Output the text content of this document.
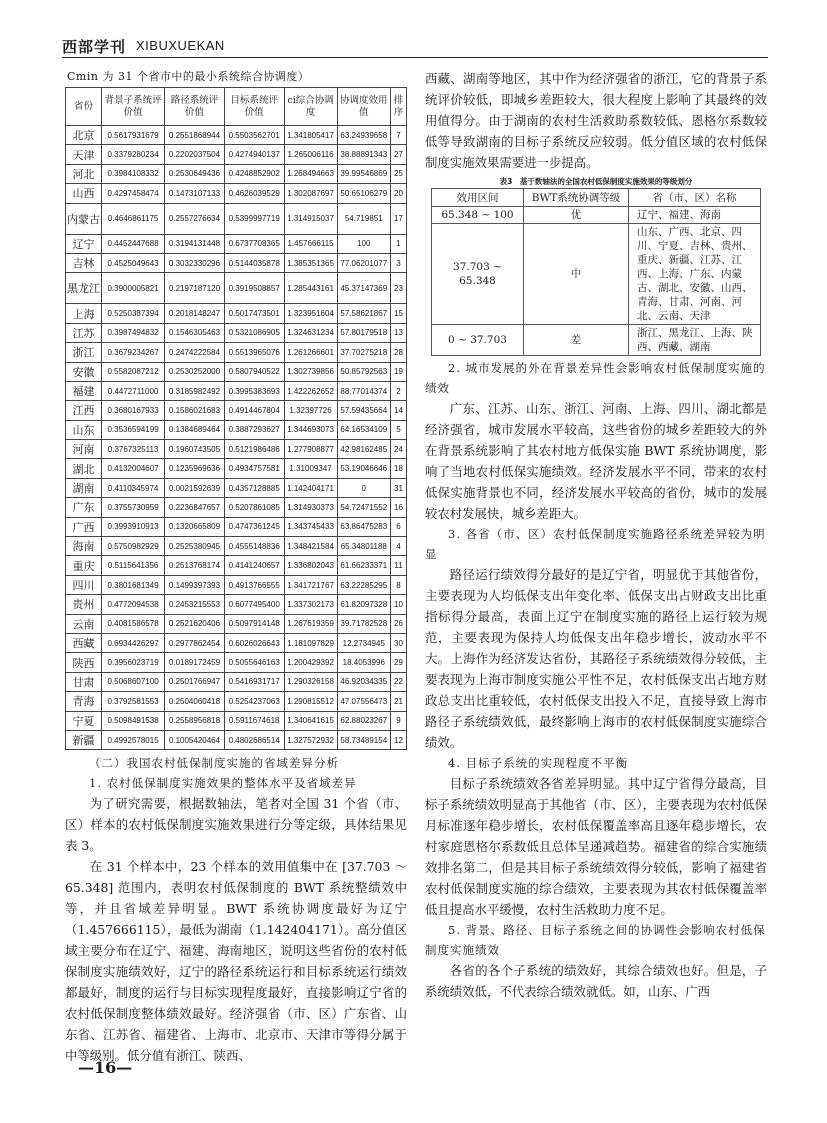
西部学刊 XIBUXUEKAN
Cmin 为 31 个省市中的最小系统综合协调度）
省份	背景子系统评价值	路径系统评价值	目标系统评价值	ci综合协调度	协调度效用值	排序
北京	0.5617931679	0.2551868944	0.5503562701	1.341805417	63.24939658	7
天津	0.3379280234	0.2202037504	0.4274940137	1.265006116	38.88891343	27
河北	0.3984108332	0.2530649436	0.4248852902	1.268494663	39.99546869	25
山西	0.4297458474	0.1473107133	0.4626039529	1.302087697	50.65106279	20
内蒙古	0.4646861175	0.2557276634	0.5399997719	1.314915037	54.719851	17
辽宁	0.4452447688	0.3194131448	0.6737708365	1.457666115	100	1
吉林	0.4525049643	0.3032330296	0.5144035878	1.385351365	77.06201077	3
黑龙江	0.3900005821	0.2197187120	0.3919508857	1.285443161	45.37147369	23
上海	0.5250387394	0.2018148247	0.5017473501	1.323951604	57.58621867	15
江苏	0.3987494832	0.1546305463	0.5321086905	1.324631234	57.80179518	13
浙江	0.3679234267	0.2474222584	0.5513965076	1.261266601	37.70275218	28
安徽	0.5582087212	0.2530252000	0.5807940522	1.302739856	50.85792563	19
福建	0.4472711000	0.3185982492	0.3995383693	1.422262652	88.77014374	2
江西	0.3680167933	0.1586021683	0.4914467804	1.32397726	57.59435664	14
山东	0.3536594199	0.1384689464	0.3887293627	1.344693073	64.16534109	5
河南	0.3767325113	0.1960743505	0.5121986486	1.277908877	42.98162485	24
湖北	0.4132004607	0.1235969636	0.4934757581	1.31009347	53.19046646	18
湖南	0.4110345974	0.0021592639	0.4357128885	1.142404171	0	31
广东	0.3755730959	0.2236847657	0.5207861085	1.314930373	54.72471552	16
广西	0.3993910913	0.1320665809	0.4747361245	1.343745433	63.86475283	6
海南	0.5750982929	0.2525380945	0.4555148836	1.348421584	65.34801188	4
重庆	0.5115641356	0.2513768174	0.4141240657	1.336802043	61.66233371	11
四川	0.3801681349	0.1499397393	0.4913766555	1.341721767	63.22285295	8
贵州	0.4772094538	0.2453215553	0.6077495400	1.337302173	61.82097328	10
云南	0.4081586578	0.2521620406	0.5097914148	1.267619359	39.71782528	26
西藏	0.6934426297	0.2977862454	0.6026026643	1.181097829	12.2734945	30
陕西	0.3956023719	0.0189172459	0.5055646163	1.200429392	18.4053996	29
甘肃	0.5068607100	0.2501766947	0.5416931717	1.290326158	46.92034335	22
青海	0.3792581553	0.2504060418	0.5254237063	1.290815512	47.07556473	21
宁夏	0.5098491538	0.2558956818	0.5911674618	1.340641615	62.88023267	9
新疆	0.4992578015	0.1005420464	0.4802686514	1.327572932	58.73489154	12
（二）我国农村低保制度实施的省域差异分析
1. 农村低保制度实施效果的整体水平及省域差异

为了研究需要，根据数轴法，笔者对全国 31 个省（市、区）样本的农村低保制度实施效果进行分等定级，具体结果见表 3。

在 31 个样本中，23 个样本的效用值集中在 [37.703 ～ 65.348] 范围内，表明农村低保制度的 BWT 系统整绩效中等，并且省域差异明显。BWT 系统协调度最好为辽宁（1.457666115），最低为湖南（1.142404171）。高分值区域主要分布在辽宁、福建、海南地区，说明这些省份的农村低保制度实施绩效好，辽宁的路径系统运行和目标系统运行绩效都最好，制度的运行与目标实现程度最好，直接影响辽宁省的农村低保制度整体绩效最好。经济强省（市、区）广东省、山东省、江苏省、福建省、上海市、北京市、天津市等得分属于中等级别。低分值有浙江、陕西、

西藏、湖南等地区，其中作为经济强省的浙江，它的背景子系统评价较低，即城乡差距较大，很大程度上影响了其最终的效用值得分。由于湖南的农村生活救助系数较低、恩格尔系数较低等导致湖南的目标子系统反应较弱。低分值区域的农村低保制度实施效果需要进一步提高。

表3　基于数轴法的全国农村低保制度实施效果的等级划分
效用区间	BWT系统协调等级	省（市、区）名称
65.348 ~ 100	优	辽宁、福建、海南
37.703 ~ 65.348	中	山东、广西、北京、四川、宁夏、吉林、贵州、重庆、新疆、江苏、江西、上海、广东、内蒙古、湖北、安徽、山西、青海、甘肃、河南、河北、云南、天津
0 ~ 37.703	差	浙江、黑龙江、上海、陕西、西藏、湖南
2. 城市发展的外在背景差异性会影响农村低保制度实施的绩效

广东、江苏、山东、浙江、河南、上海、四川、湖北都是经济强省，城市发展水平较高，这些省份的城乡差距较大的外在背景系统影响了其农村地方低保实施 BWT 系统协调度，影响了当地农村低保实施绩效。经济发展水平不同，带来的农村低保实施背景也不同，经济发展水平较高的省份，城市的发展较农村发展快，城乡差距大。

3. 各省（市、区）农村低保制度实施路径系统差异较为明显

路径运行绩效得分最好的是辽宁省，明显优于其他省份，主要表现为人均低保支出年变化率、低保支出占财政支出比重指标得分最高，表面上辽宁在制度实施的路径上运行较为规范，主要表现为保持人均低保支出年稳步增长，波动水平不大。上海作为经济发达省份，其路径子系统绩效得分较低，主要表现为上海市制度实施公平性不足，农村低保支出占地方财政总支出比重较低，农村低保支出投入不足，直接导致上海市路径子系统绩效低，最终影响上海市的农村低保制度实施综合绩效。

4. 目标子系统的实现程度不平衡

目标子系统绩效各省差异明显。其中辽宁省得分最高，目标子系统绩效明显高于其他省（市、区），主要表现为农村低保月标准逐年稳步增长，农村低保覆盖率高且逐年稳步增长，农村家庭恩格尔系数低且总体呈递减趋势。福建省的综合实施绩效排名第二，但是其目标子系统绩效得分较低，影响了福建省农村低保制度实施的综合绩效，主要表现为其农村低保覆盖率低且提高水平缓慢，农村生活救助力度不足。

5. 背景、路径、目标子系统之间的协调性会影响农村低保制度实施绩效

各省的各个子系统的绩效好，其综合绩效也好。但是，子系统绩效低，不代表综合绩效就低。如，山东、广西

—16—
